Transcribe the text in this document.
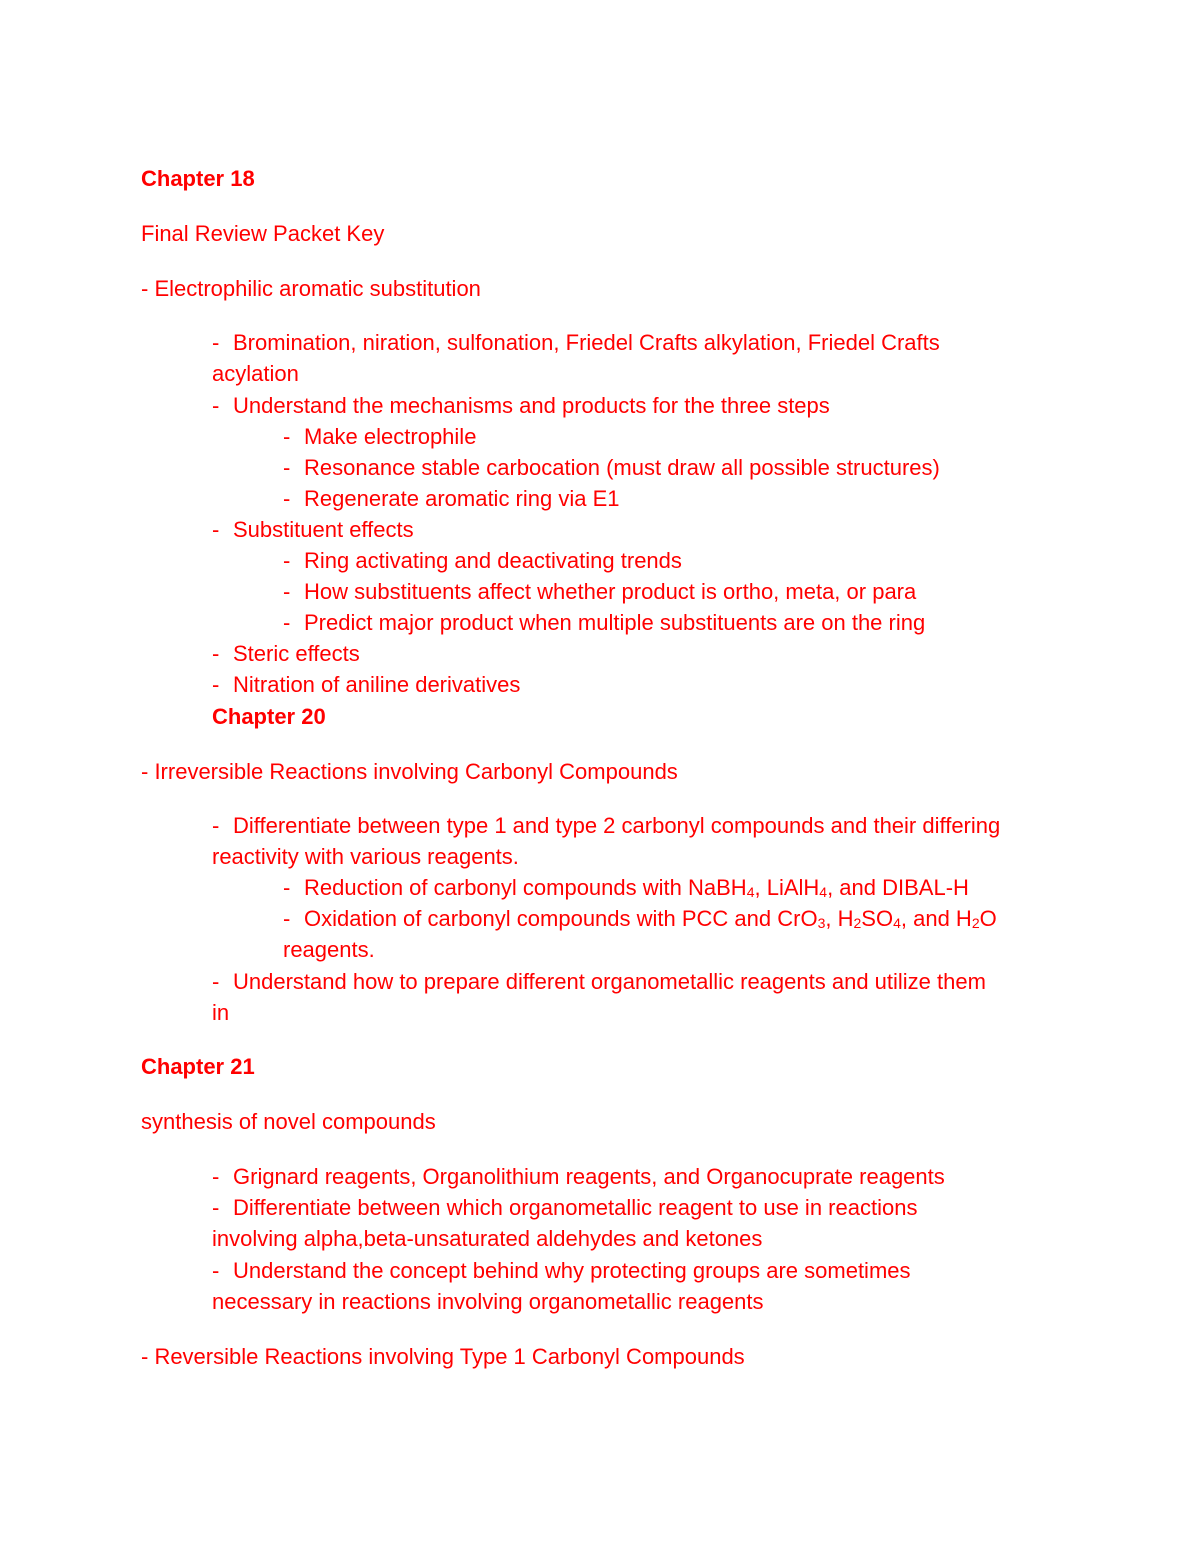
Chapter 18
Final Review Packet Key
- Electrophilic aromatic substitution
- Bromination, niration, sulfonation, Friedel Crafts alkylation, Friedel Crafts
acylation
- Understand the mechanisms and products for the three steps
- Make electrophile
- Resonance stable carbocation (must draw all possible structures)
- Regenerate aromatic ring via E1
- Substituent effects
- Ring activating and deactivating trends
- How substituents affect whether product is ortho, meta, or para
- Predict major product when multiple substituents are on the ring
- Steric effects
- Nitration of aniline derivatives
Chapter 20
- Irreversible Reactions involving Carbonyl Compounds
- Differentiate between type 1 and type 2 carbonyl compounds and their differing
reactivity with various reagents.
- Reduction of carbonyl compounds with NaBH$_4$, LiAlH$_4$, and DIBAL-H
- Oxidation of carbonyl compounds with PCC and CrO$_3$, $H_2SO_4$, and $H_2O$
reagents.
- Understand how to prepare different organometallic reagents and utilize them
in
Chapter 21
synthesis of novel compounds
- Grignard reagents, Organolithium reagents, and Organocuprate reagents
- Differentiate between which organometallic reagent to use in reactions
involving alpha,beta-unsaturated aldehydes and ketones
- Understand the concept behind why protecting groups are sometimes
necessary in reactions involving organometallic reagents
- Reversible Reactions involving Type 1 Carbonyl Compounds
